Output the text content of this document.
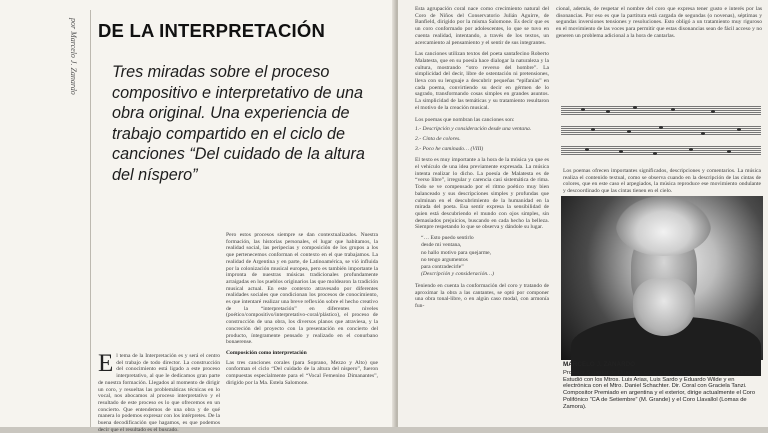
por Marcelo J. Zanardo DE LA INTERPRETACIÓN

Tres miradas sobre el proceso compositivo e interpretativo de una obra original. Una experiencia de trabajo compartido en el ciclo de canciones “Del cuidado de la altura del níspero”

E l tema de la Interpretación es y será el centro del trabajo de todo director. La construcción del conocimiento está ligado a este proceso interpretativo, al que le dedicamos gran parte de nuestra formación. Llegados al momento de dirigir un coro, y resueltas las problemáticas técnicas en lo vocal, nos abocamos al proceso interpretativo y el resultado de este proceso es lo que ofrecemos en un concierto. Que entendemos de una obra y de qué manera lo podemos expresar con los intérpretes. De la buena decodificación que hagamos, es que podemos decir que el resultado es el buscado.

Pero estos procesos siempre se dan contextualizados. Nuestra formación, las historias personales, el lugar que habitamos, la realidad social, las peripecias y composición de los grupos a los que pertenecemos conforman el contexto en el que trabajamos. La realidad de Argentina y en parte, de Latinoamérica, se vió influida por la colonización musical europea, pero es también importante la impronta de nuestras músicas tradicionales profundamente arraigadas en los pueblos originarios las que moldearon la tradición musical actual. En este contexto atravesado por diferentes realidades sociales que condicionan los procesos de conocimiento, es que intentaré realizar una breve reflexión sobre el hecho creativo de la “interpretación” en diferentes niveles (poético/compositivo/interpretativo-coral/plástico), el proceso de construcción de una obra, los diversos planos que atraviesa, y la concreción del proyecto con la presentación en concierto del producto, íntegramente pensado y realizado en el conurbano bonaerense.

Composición como interpretación

Las tres canciones corales (para Soprano, Mezzo y Alto) que conforman el ciclo “Del cuidado de la altura del níspero”, fueron compuestas especialmente para el “Vocal Femenino Dimanantes”, dirigido por la Ma. Estela Salomone.

Esta agrupación coral nace como crecimiento natural del Coro de Niños del Conservatorio Julián Aguirre, de Banfield, dirigido por la misma Salomone. Es decir que es un coro conformado por adolescentes, lo que se tuvo en cuenta realidad, intentando, a través de los textos, un acercamiento al pensamiento y el sentir de sus integrantes.

Las canciones utilizan textos del poeta santafecino Roberto Malatesta, que en su poesía hace dialogar la naturaleza y la cultura, mostrando “otro reverso del hombre”. La simplicidad del decir, libre de ostentación ni pretensiones, lleva con su lenguaje a descubrir pequeñas “epifanías” en cada poema, convirtiendo su decir en gérmen de lo sagrado, transformando cosas simples en grandes asuntos. La simplicidad de las temáticas y su tratamiento resultaron el motivo de la creación musical.

Los poemas que nombran las canciones son:

1.- Descripción y consideración desde una ventana.

2.- Cinta de colores.

3.- Poco he caminado… (VIII)

El texto es muy importante a la hora de la música ya que es el vehículo de una idea previamente expresada. La música intenta realizar lo dicho. La poesía de Malatesta es de “verso libre”, irregular y carencia casi sistemática de rima. Todo se ve compensado por el ritmo poético muy bien balanceado y sus descripciones simples y profundas que culminan en el descubrimiento de la humanidad en la mirada del poeta. Esa sentir expresa la sensibilidad de quien está descubriendo el mundo con ojos simples, sin demasiados prejuicios, buscando en cada hecho la belleza. Siempre respetando lo que se observa y dándole su lugar.

“… Esto puedo sentirlo

desde mi ventana,

no hallo motivo para quejarme,

no tengo argumentos

para contradecirle”

(Descripción y consideración…)

Teniendo en cuenta la conformación del coro y tratando de aproximar la obra a las cantantes, se optó por componer una obra tonal-libre, o en algún caso modal, con armonía fun-

cional, además, de respetar el nombre del coro que expresa tener gusto e interés por las disonancias. Por eso es que la partitura está cargada de segundas (o novenas), séptimas y segundas inversiones tensiones y resoluciones. Esto obligó a un tratamiento muy riguroso en el movimiento de las voces para permitir que estas disonancias sean de fácil acceso y no generen un problema adicional a la hora de cantarlas.

Los poemas ofrecen importantes significados, descripciones y comentarios. La música realiza el contenido textual, como se observa cuando en la descripción de las cintas de colores, que en este caso el arpegiados, la música reproduce ese movimiento ondulante y descoordinado que las cintas tienen en el cielo.

MARCELO J. ZANARDO

Profesor Superior de Dirección Coral y Profesor Superior de Composición. Estudió con los Mtros. Luis Arias, Luis Sardo y Eduardo Wilde y en electrónica con el Mtro. Daniel Schachter. Dir. Coral con Graciela Tanzi. Compositor Premiado en argentina y el exterior, dirige actualmente el Coro Polifónico “CA de Setiembre” (M. Grande) y el Coro Llavallol (Lomas de Zamora).
